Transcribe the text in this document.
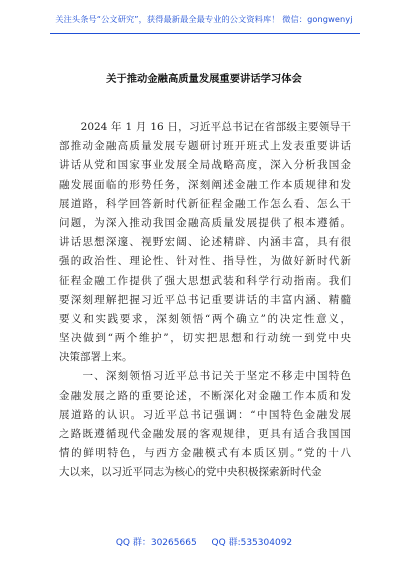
关注头条号“公文研究”，获得最新最全最专业的公文资料库！ 微信：gongwenyj
关于推动金融高质量发展重要讲话学习体会
　　2024 年 1 月 16 日，习近平总书记在省部级主要领导干
部推动金融高质量发展专题研讨班开班式上发表重要讲话
讲话从党和国家事业发展全局战略高度，深入分析我国金
融发展面临的形势任务，深刻阐述金融工作本质规律和发
展道路，科学回答新时代新征程金融工作怎么看、怎么干
问题，为深入推动我国金融高质量发展提供了根本遵循。
讲话思想深邃、视野宏阔、论述精辟、内涵丰富，具有很
强的政治性、理论性、针对性、指导性，为做好新时代新
征程金融工作提供了强大思想武装和科学行动指南。我们
要深刻理解把握习近平总书记重要讲话的丰富内涵、精髓
要义和实践要求，深刻领悟“两个确立”的决定性意义，
坚决做到“两个维护”，切实把思想和行动统一到党中央
决策部署上来。
　　一、深刻领悟习近平总书记关于坚定不移走中国特色
金融发展之路的重要论述，不断深化对金融工作本质和发
展道路的认识。习近平总书记强调：“中国特色金融发展
之路既遵循现代金融发展的客观规律，更具有适合我国国
情的鲜明特色，与西方金融模式有本质区别。”党的十八
大以来，以习近平同志为核心的党中央积极探索新时代金
QQ 群：30265665 QQ 群:535304092
